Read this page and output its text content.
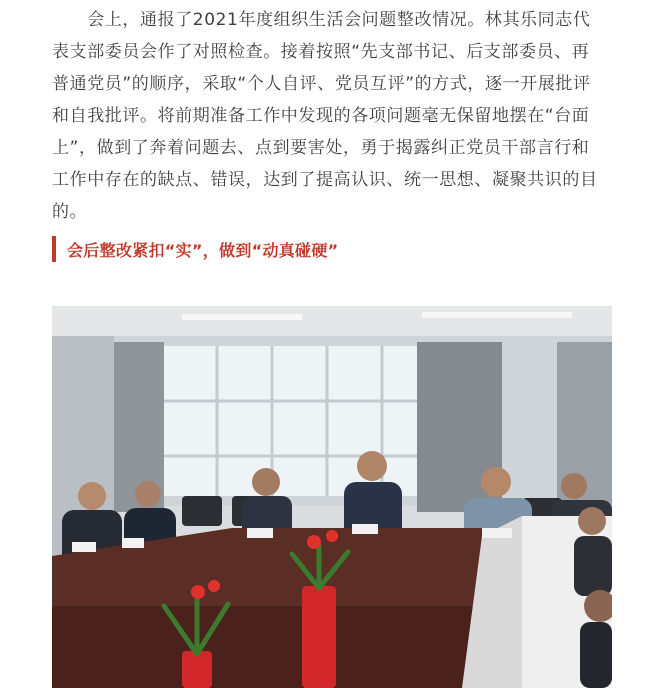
　　会上，通报了2021年度组织生活会问题整改情况。林其乐同志代
表支部委员会作了对照检查。接着按照“先支部书记、后支部委员、再
普通党员”的顺序，采取“个人自评、党员互评”的方式，逐一开展批评
和自我批评。将前期准备工作中发现的各项问题毫无保留地摆在“台面
上”，做到了奔着问题去、点到要害处，勇于揭露纠正党员干部言行和
工作中存在的缺点、错误，达到了提高认识、统一思想、凝聚共识的目
的。

会后整改紧扣“实”，做到“动真碰硬”
